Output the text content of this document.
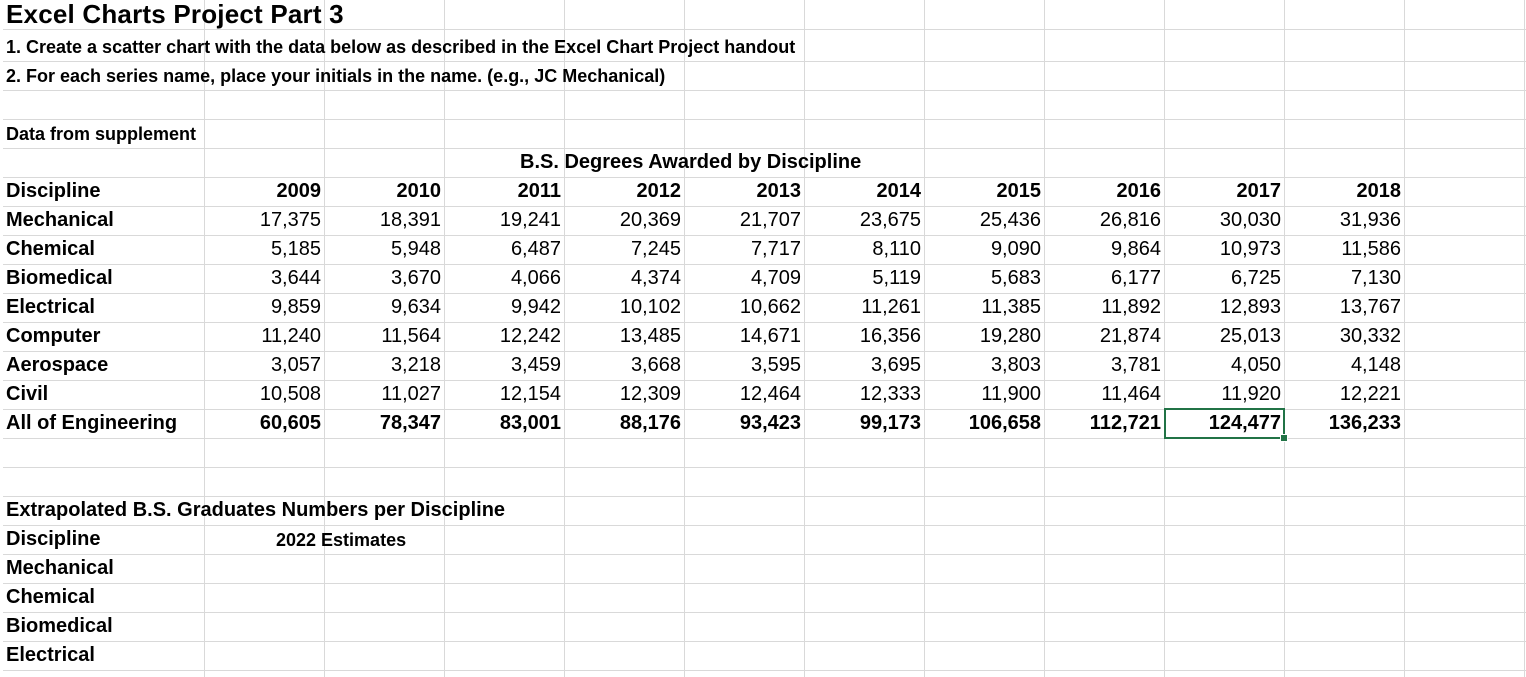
Excel Charts Project Part 3
1. Create a scatter chart with the data below as described in the Excel Chart Project handout
2. For each series name, place your initials in the name. (e.g., JC Mechanical)
Data from supplement
B.S. Degrees Awarded by Discipline
Discipline	2009	2010	2011	2012	2013	2014	2015	2016	2017	2018
Mechanical	17,375	18,391	19,241	20,369	21,707	23,675	25,436	26,816	30,030	31,936
Chemical	5,185	5,948	6,487	7,245	7,717	8,110	9,090	9,864	10,973	11,586
Biomedical	3,644	3,670	4,066	4,374	4,709	5,119	5,683	6,177	6,725	7,130
Electrical	9,859	9,634	9,942	10,102	10,662	11,261	11,385	11,892	12,893	13,767
Computer	11,240	11,564	12,242	13,485	14,671	16,356	19,280	21,874	25,013	30,332
Aerospace	3,057	3,218	3,459	3,668	3,595	3,695	3,803	3,781	4,050	4,148
Civil	10,508	11,027	12,154	12,309	12,464	12,333	11,900	11,464	11,920	12,221
All of Engineering	60,605	78,347	83,001	88,176	93,423	99,173	106,658	112,721	124,477	136,233
Extrapolated B.S. Graduates Numbers per Discipline
Discipline	2022 Estimates
Mechanical
Chemical
Biomedical
Electrical
